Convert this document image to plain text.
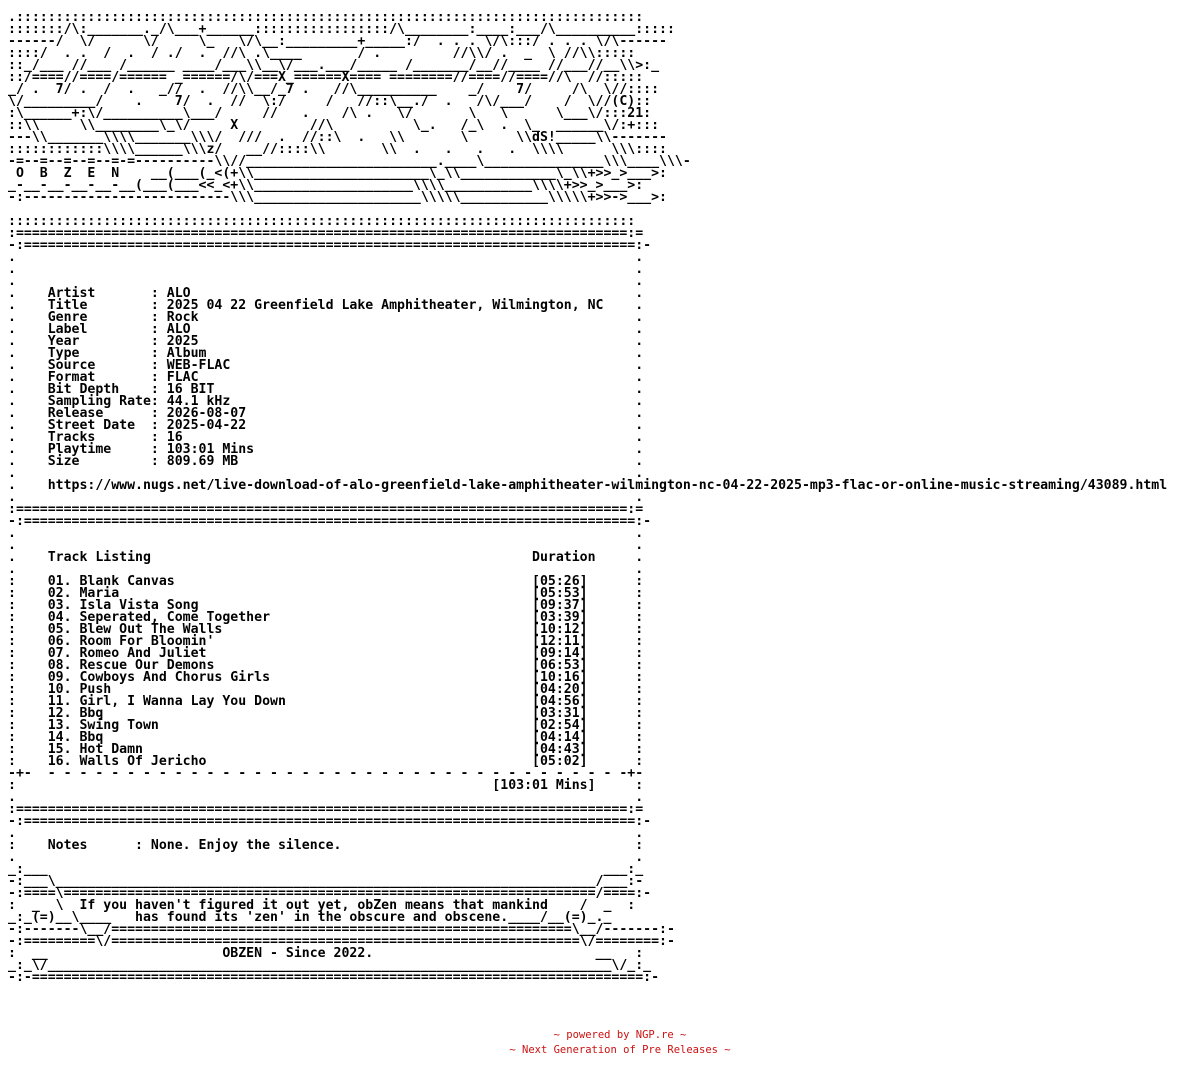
.:::::::::::::::::::::::::::::::::::::::::::::::::::::::::::::::::::::::::::::::
:::::::/\:_______._/\___+______:::::::::::::::::/\________:____:___/\__________:::::
------/  \/      \/     \_   \/\__:_________+_____:/  . . . \/\:::/ . . . \/\------
::::/  . .  /  .  / ./  .  //\ .\____       / .         //\\/ .  _  \ //\\:::::
::_/___ //___ /______ ____/___\\__\/___.___/_____ /_______/__//____ //___//__\\>:_
::/====//====/====== _======/\/===X_======X==== ========//====//====//\  //:::::
_/ .  7/ .  /  .   _//  .  //\\__/_7 .   //\__________    _/    7/     /\  \//::::
\/_________/    .    7/  .  //  \:/     /   //::\__./  .   /\/___/    /  \//(C)::
:\______+:\/__________\___/     //   .    /\ .   \/       \   \      \___\/:::21:
::\\     \\________\_\/     X         //\          \_.   /_\  .  \_  ______\/:+:::
---\\_______\\\\_______\\\/  ///  .  //::\  .   \\       \      \\dS!_____\\-------
::::::::::::\\\\______\\\z/   __//::::\\       \\  .   .   .   .  \\\\      \\\::::
-=--=--=--=--=-=----------\\//________________________.____\_______________\\\____\\\-
O  B  Z  E  N    __(___(_<(+\\______________________\_\\____________\_\\+>>_>___>:
_-__-__-__-__-__(___(___<<_<+\\____________________\\\\___________\\\\+>>_>___>:
-:--------------------------\\\_____________________\\\\\___________\\\\\+>>->___>:

:::::::::::::::::::::::::::::::::::::::::::::::::::::::::::::::::::::::::::::::
:=============================================================================:=
-:=============================================================================:-
.                                                                              .
.                                                                              .
.                                                                              .
.    Artist       : ALO                                                        .
.    Title        : 2025 04 22 Greenfield Lake Amphitheater, Wilmington, NC    .
.    Genre        : Rock                                                       .
.    Label        : ALO                                                        .
.    Year         : 2025                                                       .
.    Type         : Album                                                      .
.    Source       : WEB-FLAC                                                   .
.    Format       : FLAC                                                       .
.    Bit Depth    : 16 BIT                                                     .
.    Sampling Rate: 44.1 kHz                                                   .
.    Release      : 2026-08-07                                                 .
.    Street Date  : 2025-04-22                                                 .
.    Tracks       : 16                                                         .
.    Playtime     : 103:01 Mins                                                .
.    Size         : 809.69 MB                                                  .
.                                                                              .
.    https://www.nugs.net/live-download-of-alo-greenfield-lake-amphitheater-wilmington-nc-04-22-2025-mp3-flac-or-online-music-streaming/43089.html
.                                                                              .
:=============================================================================:=
-:=============================================================================:-
.                                                                              .
.                                                                              .
.    Track Listing                                                Duration     .
.                                                                              .
:    01. Blank Canvas                                             [05:26]      :
:    02. Maria                                                    [05:53]      :
:    03. Isla Vista Song                                          [09:37]      :
:    04. Seperated, Come Together                                 [03:39]      :
:    05. Blew Out The Walls                                       [10:12]      :
:    06. Room For Bloomin'                                        [12:11]      :
:    07. Romeo And Juliet                                         [09:14]      :
:    08. Rescue Our Demons                                        [06:53]      :
:    09. Cowboys And Chorus Girls                                 [10:16]      :
:    10. Push                                                     [04:20]      :
:    11. Girl, I Wanna Lay You Down                               [04:56]      :
:    12. Bbq                                                      [03:31]      :
:    13. Swing Town                                               [02:54]      :
:    14. Bbq                                                      [04:14]      :
:    15. Hot Damn                                                 [04:43]      :
:    16. Walls Of Jericho                                         [05:02]      :
-+-  - - - - - - - - - - - - - - - - - - - - - - - - - - - - - - - - - - - - -+-
:                                                            [103:01 Mins]     :
.                                                                              .
:=============================================================================:=
-:=============================================================================:-
.                                                                              .
:    Notes      : None. Enjoy the silence.                                     :
.                                                                              .
_:___                                                                      ___:_
-:___\____________________________________________________________________/___:-
-:====\===================================================================/====:-
:  _  \  If you haven't figured it out yet, obZen means that mankind    /  _  :
_:_(=)__\____   has found its 'zen' in the obscure and obscene.____/__(=)_._
-:-------\__/==========================================================\__/-------:-
-:=========\/===========================================================\/========:-
:  __                      OBZEN - Since 2022.                            __   :
_:_\/_______________________________________________________________________\/_:_
-:-=============================================================================:-

~ powered by NGP.re ~
~ Next Generation of Pre Releases ~
